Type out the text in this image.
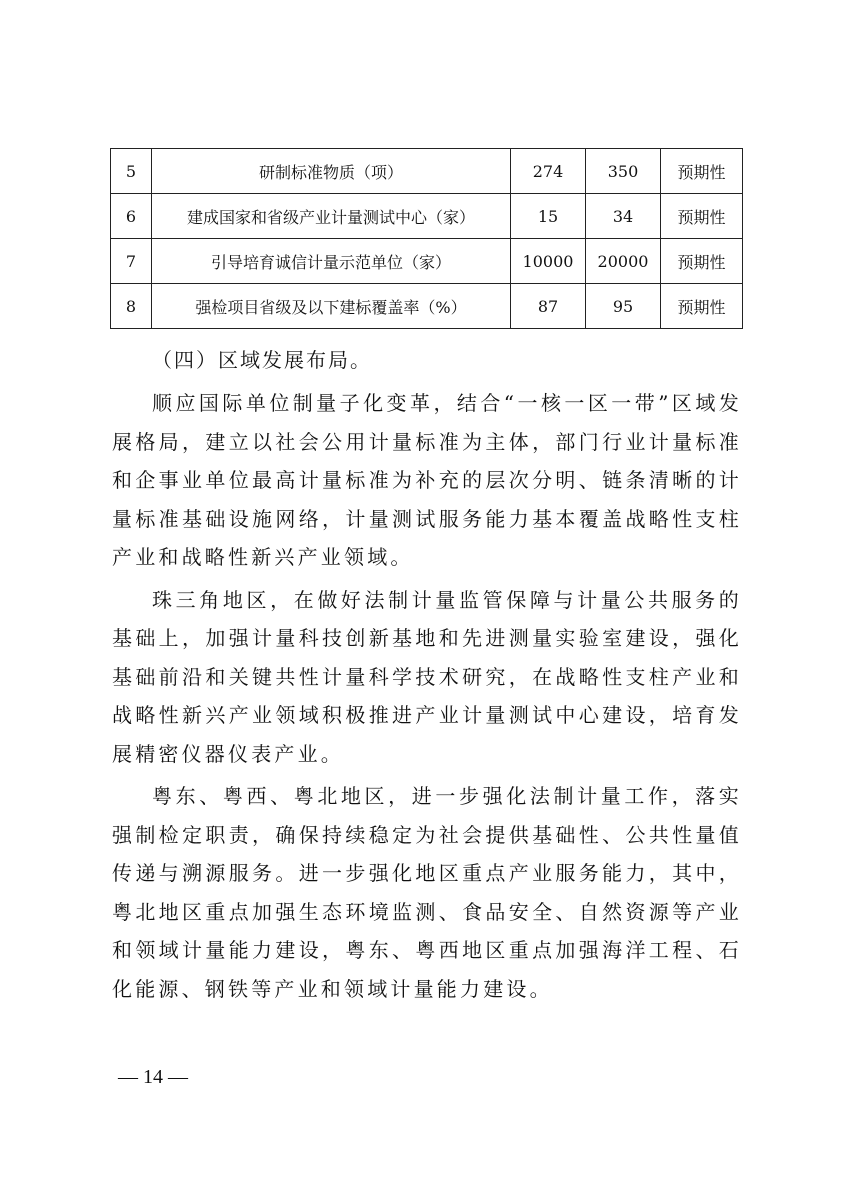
5	研制标准物质（项）	274	350	预期性
6	建成国家和省级产业计量测试中心（家）	15	34	预期性
7	引导培育诚信计量示范单位（家）	10000	20000	预期性
8	强检项目省级及以下建标覆盖率（%）	87	95	预期性

（四）区域发展布局。

顺应国际单位制量子化变革，结合“一核一区一带”区域发展格局，建立以社会公用计量标准为主体，部门行业计量标准和企事业单位最高计量标准为补充的层次分明、链条清晰的计量标准基础设施网络，计量测试服务能力基本覆盖战略性支柱产业和战略性新兴产业领域。

珠三角地区，在做好法制计量监管保障与计量公共服务的基础上，加强计量科技创新基地和先进测量实验室建设，强化基础前沿和关键共性计量科学技术研究，在战略性支柱产业和战略性新兴产业领域积极推进产业计量测试中心建设，培育发展精密仪器仪表产业。

粤东、粤西、粤北地区，进一步强化法制计量工作，落实强制检定职责，确保持续稳定为社会提供基础性、公共性量值传递与溯源服务。进一步强化地区重点产业服务能力，其中，粤北地区重点加强生态环境监测、食品安全、自然资源等产业和领域计量能力建设，粤东、粤西地区重点加强海洋工程、石化能源、钢铁等产业和领域计量能力建设。

— 14 —
